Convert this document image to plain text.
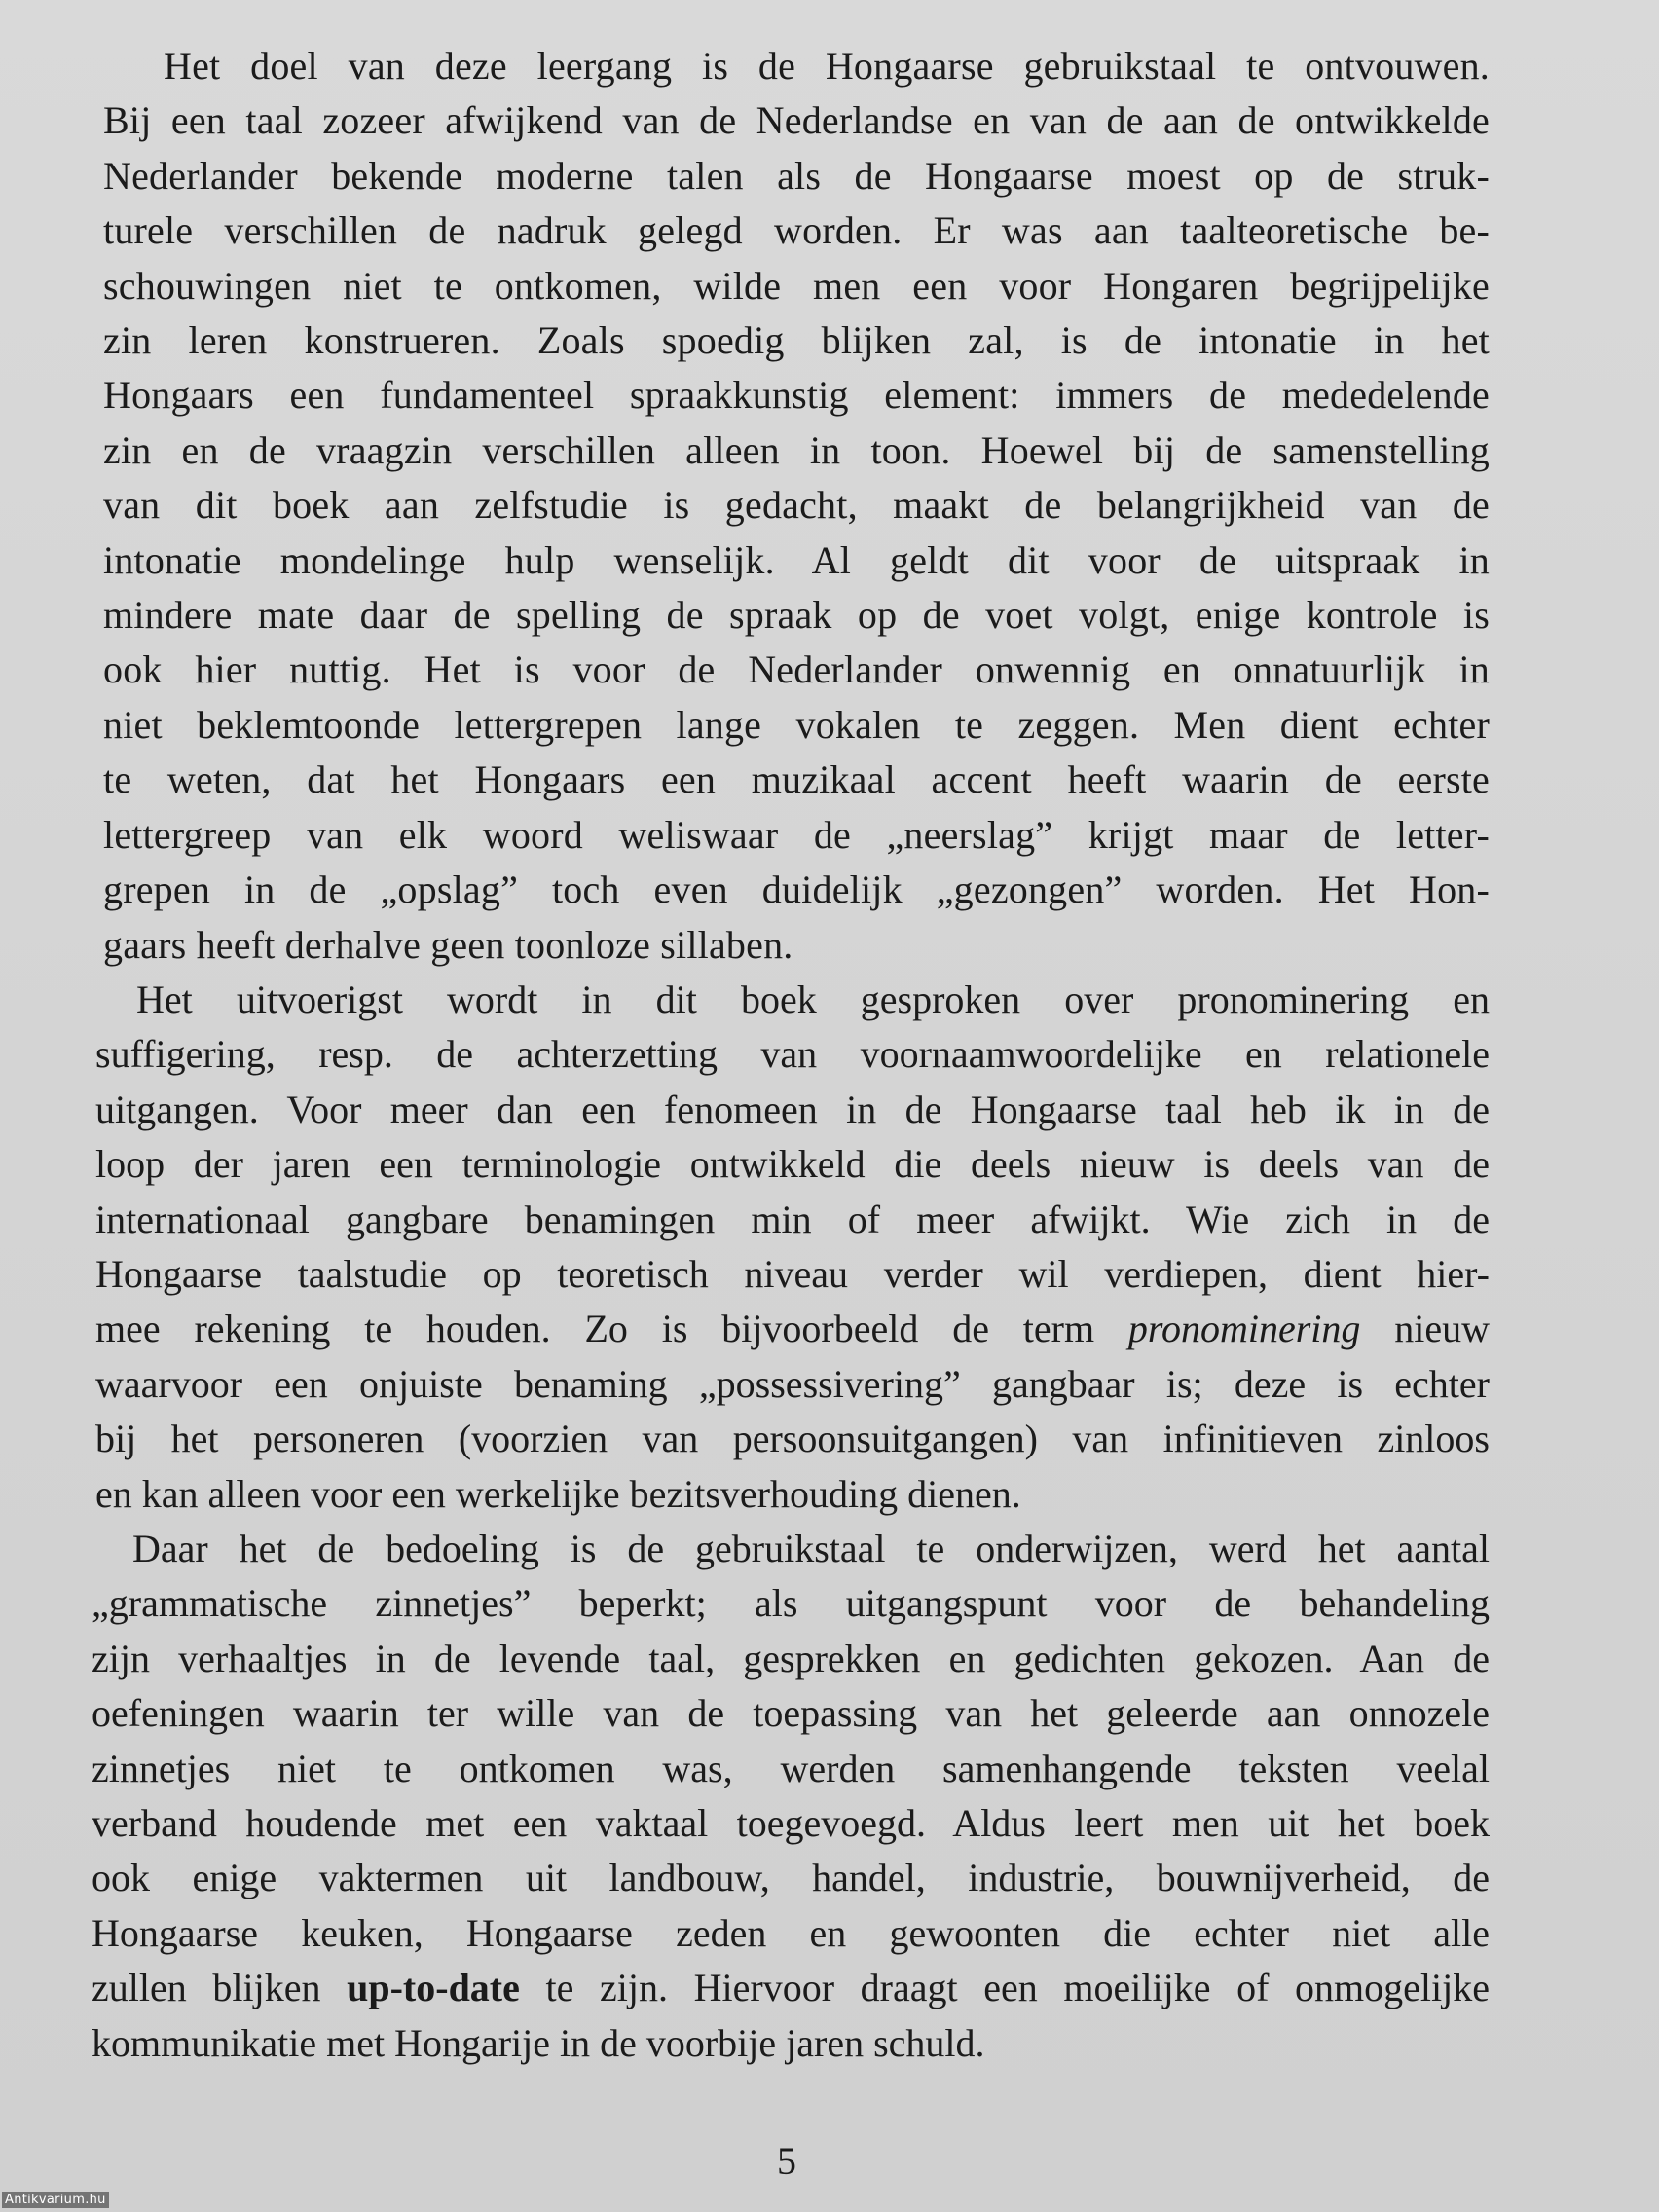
Het doel van deze leergang is de Hongaarse gebruikstaal te ontvouwen.
Bij een taal zozeer afwijkend van de Nederlandse en van de aan de ontwikkelde
Nederlander bekende moderne talen als de Hongaarse moest op de struk-
turele verschillen de nadruk gelegd worden. Er was aan taalteoretische be-
schouwingen niet te ontkomen, wilde men een voor Hongaren begrijpelijke
zin leren konstrueren. Zoals spoedig blijken zal, is de intonatie in het
Hongaars een fundamenteel spraakkunstig element: immers de mededelende
zin en de vraagzin verschillen alleen in toon. Hoewel bij de samenstelling
van dit boek aan zelfstudie is gedacht, maakt de belangrijkheid van de
intonatie mondelinge hulp wenselijk. Al geldt dit voor de uitspraak in
mindere mate daar de spelling de spraak op de voet volgt, enige kontrole is
ook hier nuttig. Het is voor de Nederlander onwennig en onnatuurlijk in
niet beklemtoonde lettergrepen lange vokalen te zeggen. Men dient echter
te weten, dat het Hongaars een muzikaal accent heeft waarin de eerste
lettergreep van elk woord weliswaar de „neerslag” krijgt maar de letter-
grepen in de „opslag” toch even duidelijk „gezongen” worden. Het Hon-
gaars heeft derhalve geen toonloze sillaben.
Het uitvoerigst wordt in dit boek gesproken over pronominering en
suffigering, resp. de achterzetting van voornaamwoordelijke en relationele
uitgangen. Voor meer dan een fenomeen in de Hongaarse taal heb ik in de
loop der jaren een terminologie ontwikkeld die deels nieuw is deels van de
internationaal gangbare benamingen min of meer afwijkt. Wie zich in de
Hongaarse taalstudie op teoretisch niveau verder wil verdiepen, dient hier-
mee rekening te houden. Zo is bijvoorbeeld de term pronominering nieuw
waarvoor een onjuiste benaming „possessivering” gangbaar is; deze is echter
bij het personeren (voorzien van persoonsuitgangen) van infinitieven zinloos
en kan alleen voor een werkelijke bezitsverhouding dienen.
Daar het de bedoeling is de gebruikstaal te onderwijzen, werd het aantal
„grammatische zinnetjes” beperkt; als uitgangspunt voor de behandeling
zijn verhaaltjes in de levende taal, gesprekken en gedichten gekozen. Aan de
oefeningen waarin ter wille van de toepassing van het geleerde aan onnozele
zinnetjes niet te ontkomen was, werden samenhangende teksten veelal
verband houdende met een vaktaal toegevoegd. Aldus leert men uit het boek
ook enige vaktermen uit landbouw, handel, industrie, bouwnijverheid, de
Hongaarse keuken, Hongaarse zeden en gewoonten die echter niet alle
zullen blijken up-to-date te zijn. Hiervoor draagt een moeilijke of onmogelijke
kommunikatie met Hongarije in de voorbije jaren schuld.
5
Antikvarium.hu
